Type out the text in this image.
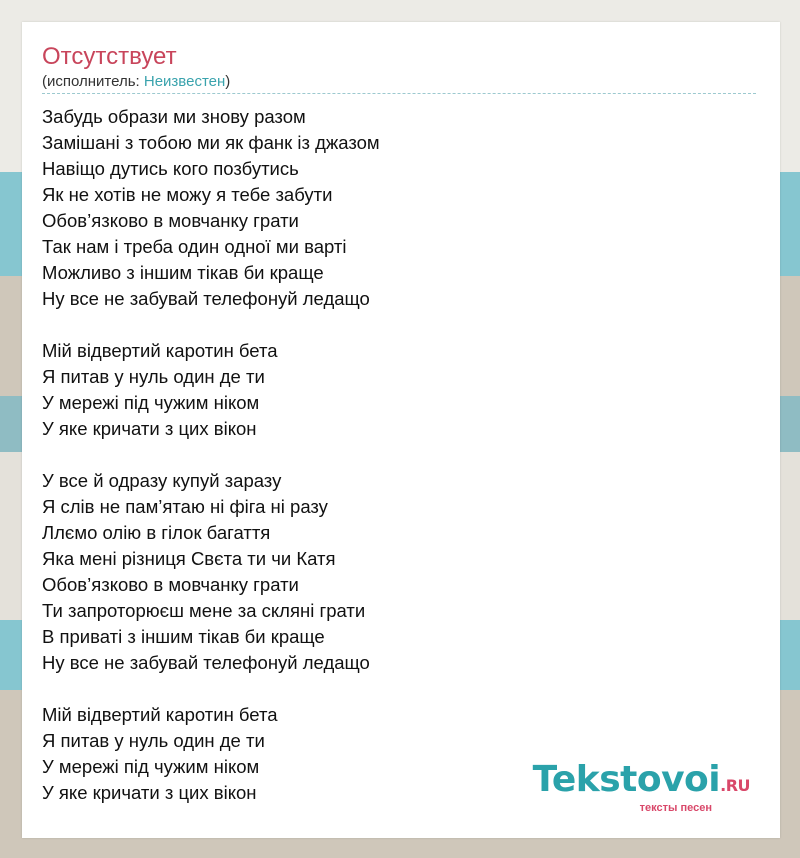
Отсутствует
(исполнитель: Неизвестен)
Забудь образи ми знову разом
Замішані з тобою ми як фанк із джазом
Навіщо дутись кого позбутись
Як не хотів не можу я тебе забути
Обов’язково в мовчанку грати
Так нам і треба один одної ми варті
Можливо з іншим тікав би краще
Ну все не забувай телефонуй ледащо
Мій відвертий каротин бета
Я питав у нуль один де ти
У мережі під чужим ніком
У яке кричати з цих вікон
У все й одразу купуй заразу
Я слів не пам’ятаю ні фіга ні разу
Ллємо олію в гілок багаття
Яка мені різниця Свєта ти чи Катя
Обов’язково в мовчанку грати
Ти запроторюєш мене за скляні грати
В приваті з іншим тікав би краще
Ну все не забувай телефонуй ледащо
Мій відвертий каротин бета
Я питав у нуль один де ти
У мережі під чужим ніком
У яке кричати з цих вікон	Tekstovoi.RU
тексты песен
